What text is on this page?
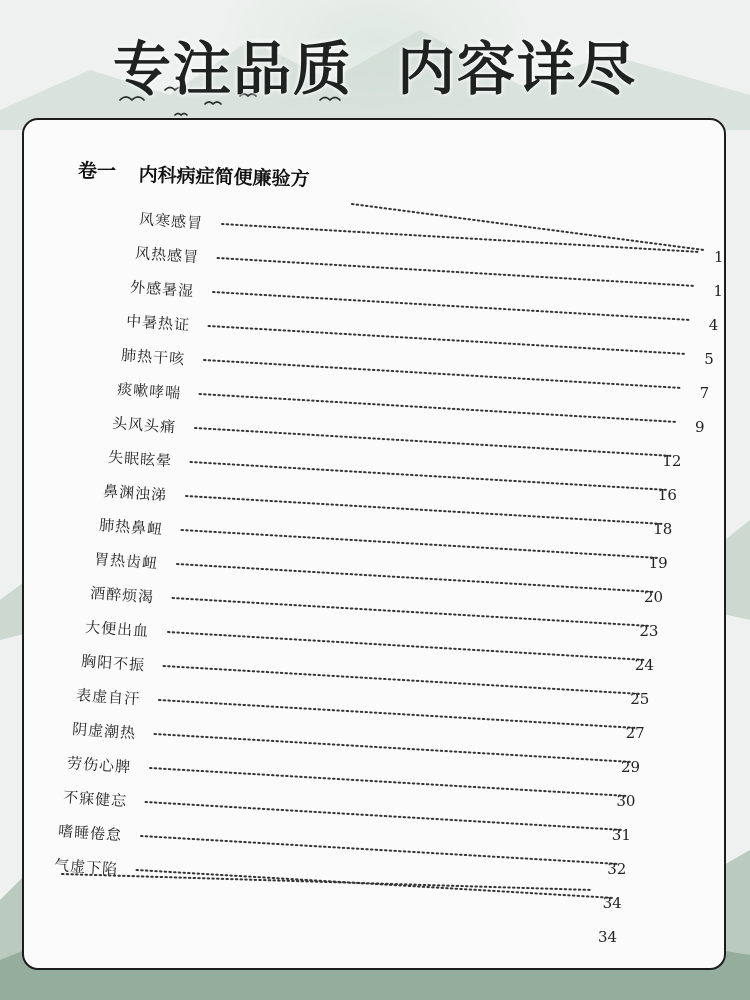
专注品质 内容详尽
卷一 内科病症简便廉验方
风寒感冒
1
风热感冒
1
外感暑湿
4
中暑热证
5
肺热干咳
7
痰嗽哮喘
9
头风头痛
12
失眠眩晕
16
鼻渊浊涕
18
肺热鼻衄
19
胃热齿衄
20
酒醉烦渴
23
大便出血
24
胸阳不振
25
表虚自汗
27
阴虚潮热
29
劳伤心脾
30
不寐健忘
31
嗜睡倦怠
32
气虚下陷
34
34
